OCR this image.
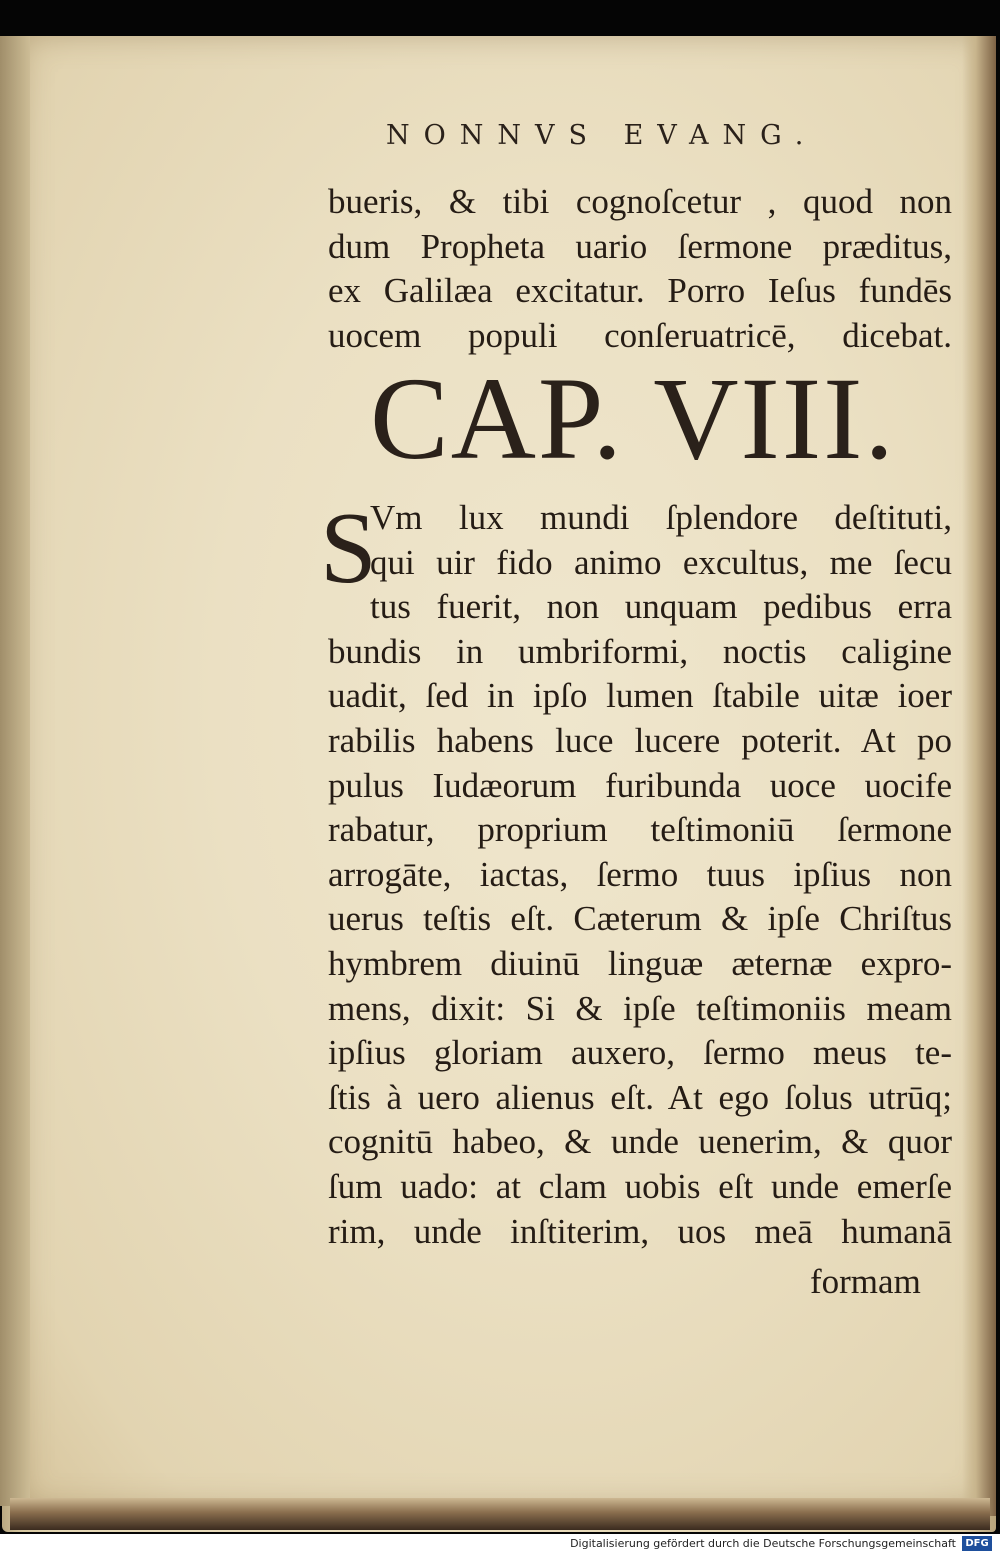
NONNVS EVANG.
bueris, & tibi cognoſcetur , quod non
dum Propheta uario ſermone præditus,
ex Galilæa excitatur. Porro Ieſus fundēs
uocem populi conſeruatricē, dicebat.
CAP. VIII.
S
Vm lux mundi ſplendore deſtituti,
qui uir fido animo excultus, me ſecu
tus fuerit, non unquam pedibus erra
bundis in umbriformi, noctis caligine
uadit, ſed in ipſo lumen ſtabile uitæ ioer
rabilis habens luce lucere poterit. At po
pulus Iudæorum furibunda uoce uocife
rabatur, proprium teſtimoniū ſermone
arrogāte, iactas, ſermo tuus ipſius non
uerus teſtis eſt. Cæterum & ipſe Chriſtus
hymbrem diuinū linguæ æternæ expro-
mens, dixit: Si & ipſe teſtimoniis meam
ipſius gloriam auxero, ſermo meus te-
ſtis à uero alienus eſt. At ego ſolus utrūq;
cognitū habeo, & unde uenerim, & quor
ſum uado: at clam uobis eſt unde emerſe
rim, unde inſtiterim, uos meā humanā
formam
Digitalisierung gefördert durch die Deutsche Forschungsgemeinschaft DFG
